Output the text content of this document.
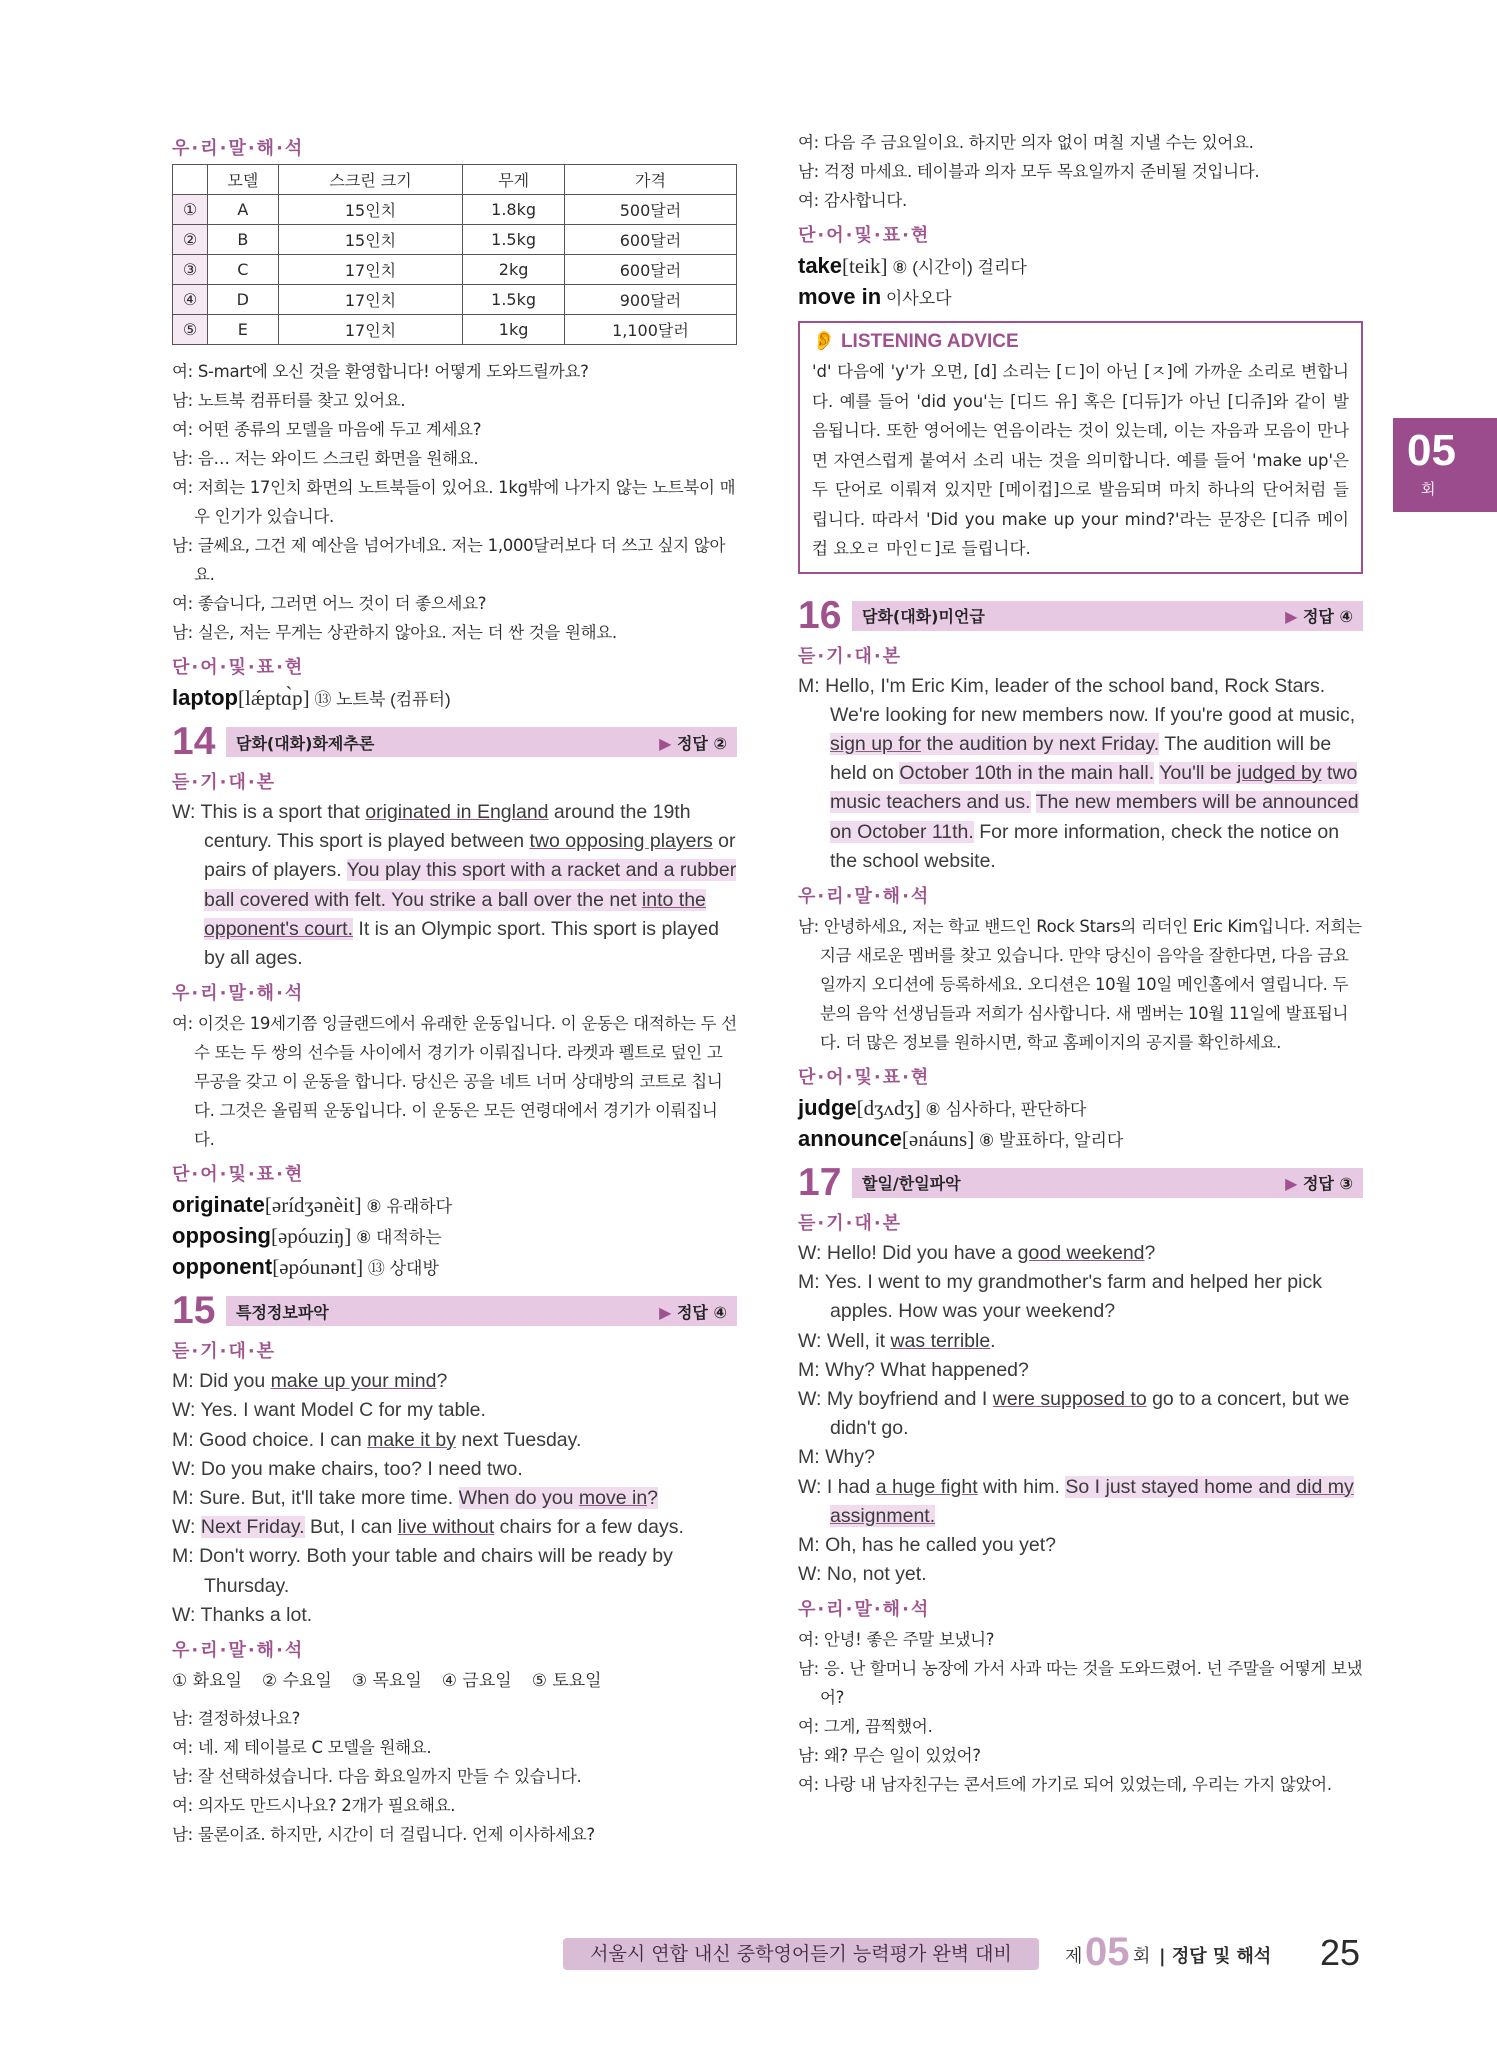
우·리·말·해·석
	모델	스크린 크기	무게	가격
①	A	15인치	1.8kg	500달러
②	B	15인치	1.5kg	600달러
③	C	17인치	2kg	600달러
④	D	17인치	1.5kg	900달러
⑤	E	17인치	1kg	1,100달러
여: S-mart에 오신 것을 환영합니다! 어떻게 도와드릴까요?
남: 노트북 컴퓨터를 찾고 있어요.
여: 어떤 종류의 모델을 마음에 두고 계세요?
남: 음… 저는 와이드 스크린 화면을 원해요.
여: 저희는 17인치 화면의 노트북들이 있어요. 1kg밖에 나가지 않는 노트북이 매우 인기가 있습니다.
남: 글쎄요, 그건 제 예산을 넘어가네요. 저는 1,000달러보다 더 쓰고 싶지 않아요.
여: 좋습니다, 그러면 어느 것이 더 좋으세요?
남: 실은, 저는 무게는 상관하지 않아요. 저는 더 싼 것을 원해요.
단·어·및·표·현
laptop[lǽptɑ̀p] ⑬ 노트북 (컴퓨터)
14	담화(대화)화제추론	▶ 정답 ②
듣·기·대·본
W: This is a sport that originated in England around the 19th century. This sport is played between two opposing players or pairs of players. You play this sport with a racket and a rubber ball covered with felt. You strike a ball over the net into the opponent's court. It is an Olympic sport. This sport is played by all ages.
우·리·말·해·석
여: 이것은 19세기쯤 잉글랜드에서 유래한 운동입니다. 이 운동은 대적하는 두 선수 또는 두 쌍의 선수들 사이에서 경기가 이뤄집니다. 라켓과 펠트로 덮인 고무공을 갖고 이 운동을 합니다. 당신은 공을 네트 너머 상대방의 코트로 칩니다. 그것은 올림픽 운동입니다. 이 운동은 모든 연령대에서 경기가 이뤄집니다.
단·어·및·표·현
originate[ərídʒənèit] ⑧ 유래하다
opposing[əpóuziŋ] ⑧ 대적하는
opponent[əpóunənt] ⑬ 상대방
15	특정정보파악	▶ 정답 ④
듣·기·대·본
M: Did you make up your mind?
W: Yes. I want Model C for my table.
M: Good choice. I can make it by next Tuesday.
W: Do you make chairs, too? I need two.
M: Sure. But, it'll take more time. When do you move in?
W: Next Friday. But, I can live without chairs for a few days.
M: Don't worry. Both your table and chairs will be ready by Thursday.
W: Thanks a lot.
우·리·말·해·석
① 화요일 ② 수요일 ③ 목요일 ④ 금요일 ⑤ 토요일
남: 결정하셨나요?
여: 네. 제 테이블로 C 모델을 원해요.
남: 잘 선택하셨습니다. 다음 화요일까지 만들 수 있습니다.
여: 의자도 만드시나요? 2개가 필요해요.
남: 물론이죠. 하지만, 시간이 더 걸립니다. 언제 이사하세요?
여: 다음 주 금요일이요. 하지만 의자 없이 며칠 지낼 수는 있어요.
남: 걱정 마세요. 테이블과 의자 모두 목요일까지 준비될 것입니다.
여: 감사합니다.
단·어·및·표·현
take[teik] ⑧ (시간이) 걸리다
move in 이사오다
👂 LISTENING ADVICE
'd' 다음에 'y'가 오면, [d] 소리는 [ㄷ]이 아닌 [ㅈ]에 가까운 소리로 변합니다. 예를 들어 'did you'는 [디드 유] 혹은 [디듀]가 아닌 [디쥬]와 같이 발음됩니다. 또한 영어에는 연음이라는 것이 있는데, 이는 자음과 모음이 만나면 자연스럽게 붙여서 소리 내는 것을 의미합니다. 예를 들어 'make up'은 두 단어로 이뤄져 있지만 [메이컵]으로 발음되며 마치 하나의 단어처럼 들립니다. 따라서 'Did you make up your mind?'라는 문장은 [디쥬 메이컵 요오ㄹ 마인ㄷ]로 들립니다.
16	담화(대화)미언급	▶ 정답 ④
듣·기·대·본
M: Hello, I'm Eric Kim, leader of the school band, Rock Stars. We're looking for new members now. If you're good at music, sign up for the audition by next Friday. The audition will be held on October 10th in the main hall. You'll be judged by two music teachers and us. The new members will be announced on October 11th. For more information, check the notice on the school website.
우·리·말·해·석
남: 안녕하세요, 저는 학교 밴드인 Rock Stars의 리더인 Eric Kim입니다. 저희는 지금 새로운 멤버를 찾고 있습니다. 만약 당신이 음악을 잘한다면, 다음 금요일까지 오디션에 등록하세요. 오디션은 10월 10일 메인홀에서 열립니다. 두 분의 음악 선생님들과 저희가 심사합니다. 새 멤버는 10월 11일에 발표됩니다. 더 많은 정보를 원하시면, 학교 홈페이지의 공지를 확인하세요.
단·어·및·표·현
judge[dʒʌdʒ] ⑧ 심사하다, 판단하다
announce[ənáuns] ⑧ 발표하다, 알리다
17	할일/한일파악	▶ 정답 ③
듣·기·대·본
W: Hello! Did you have a good weekend?
M: Yes. I went to my grandmother's farm and helped her pick apples. How was your weekend?
W: Well, it was terrible.
M: Why? What happened?
W: My boyfriend and I were supposed to go to a concert, but we didn't go.
M: Why?
W: I had a huge fight with him. So I just stayed home and did my assignment.
M: Oh, has he called you yet?
W: No, not yet.
우·리·말·해·석
여: 안녕! 좋은 주말 보냈니?
남: 응. 난 할머니 농장에 가서 사과 따는 것을 도와드렸어. 넌 주말을 어떻게 보냈어?
여: 그게, 끔찍했어.
남: 왜? 무슨 일이 있었어?
여: 나랑 내 남자친구는 콘서트에 가기로 되어 있었는데, 우리는 가지 않았어.
05
회
서울시 연합 내신 중학영어듣기 능력평가 완벽 대비	제 05 회 | 정답 및 해석 25
